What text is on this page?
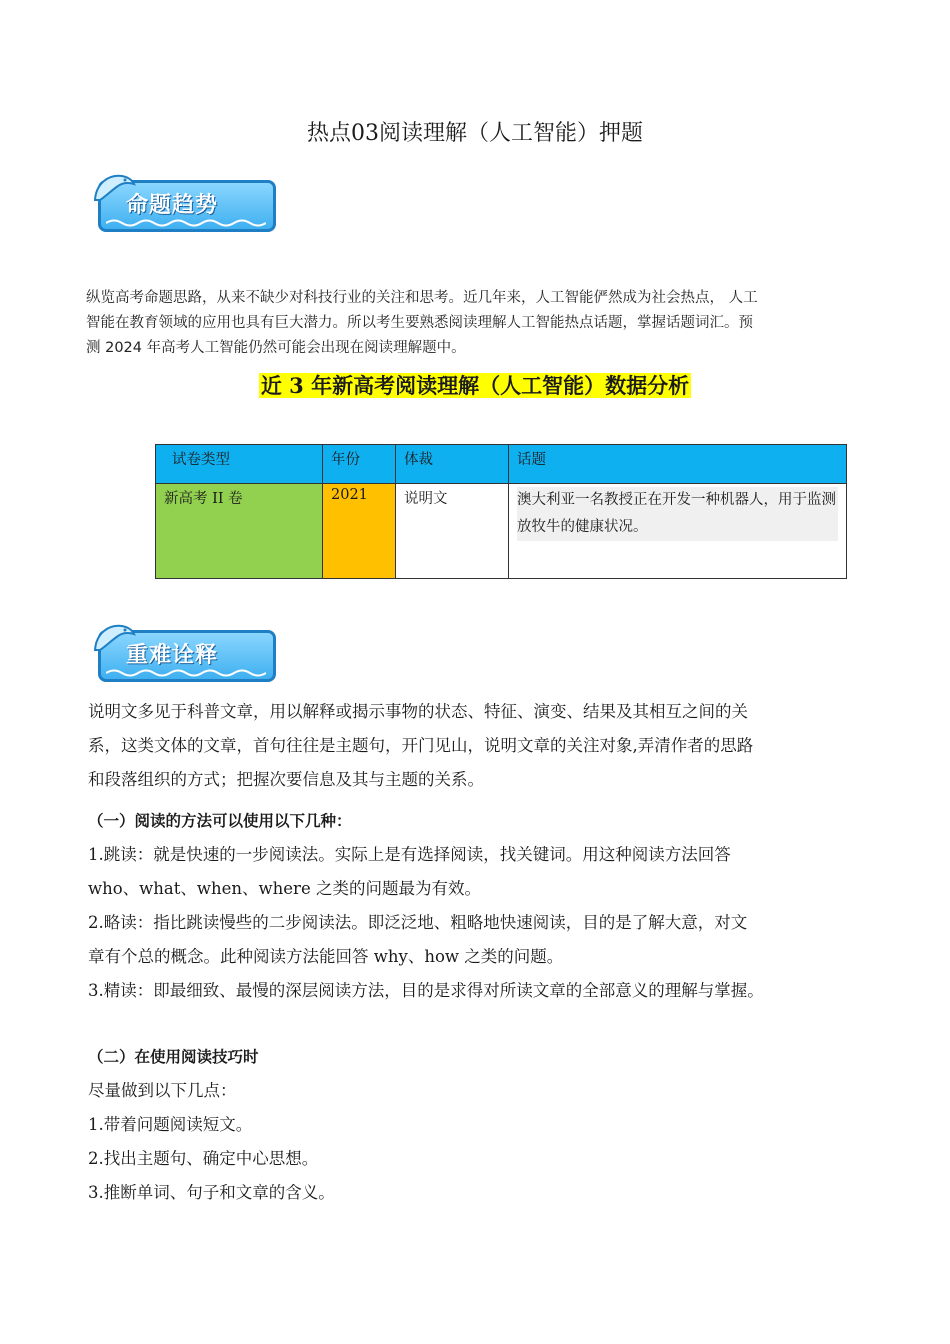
热点03阅读理解（人工智能）押题
命题趋势

纵览高考命题思路，从来不缺少对科技行业的关注和思考。近几年来，人工智能俨然成为社会热点， 人工

智能在教育领域的应用也具有巨大潜力。所以考生要熟悉阅读理解人工智能热点话题，掌握话题词汇。预

测 2024 年高考人工智能仍然可能会出现在阅读理解题中。

近 3 年新高考阅读理解（人工智能）数据分析
试卷类型	年份	体裁	话题
新高考 II 卷	2021	说明文	澳大利亚一名教授正在开发一种机器人，用于监测放牧牛的健康状况。
重难诠释

说明文多见于科普文章，用以解释或揭示事物的状态、特征、演变、结果及其相互之间的关

系，这类文体的文章，首句往往是主题句，开门见山，说明文章的关注对象,弄清作者的思路

和段落组织的方式；把握次要信息及其与主题的关系。

（一）阅读的方法可以使用以下几种：

1.跳读：就是快速的一步阅读法。实际上是有选择阅读，找关键词。用这种阅读方法回答

who、what、when、where 之类的问题最为有效。

2.略读：指比跳读慢些的二步阅读法。即泛泛地、粗略地快速阅读，目的是了解大意，对文

章有个总的概念。此种阅读方法能回答 why、how 之类的问题。

3.精读：即最细致、最慢的深层阅读方法，目的是求得对所读文章的全部意义的理解与掌握。

（二）在使用阅读技巧时

尽量做到以下几点：

1.带着问题阅读短文。

2.找出主题句、确定中心思想。

3.推断单词、句子和文章的含义。
